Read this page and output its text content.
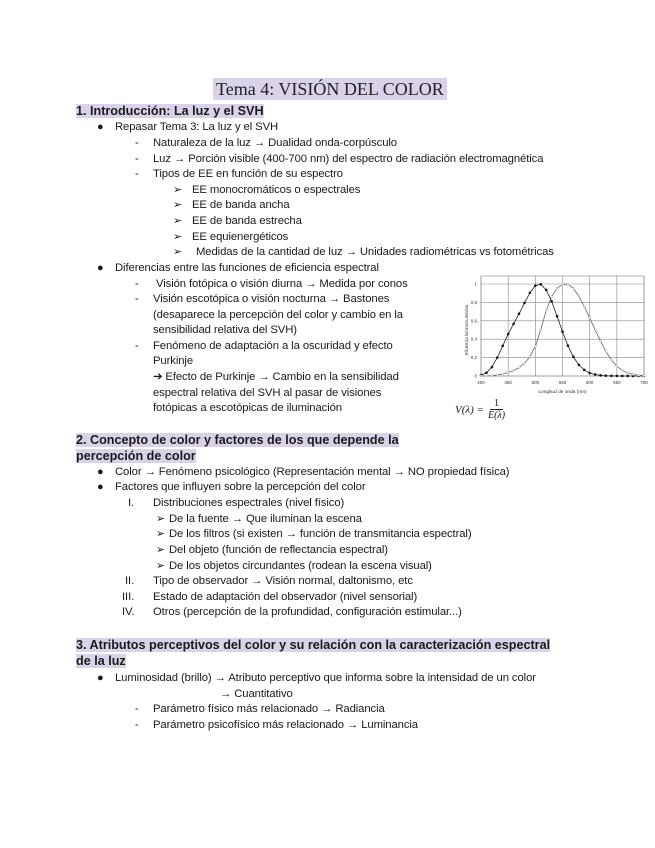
Tema 4: VISIÓN DEL COLOR
1. Introducción: La luz y el SVH
● Repasar Tema 3: La luz y el SVH
- Naturaleza de la luz → Dualidad onda-corpúsculo
- Luz → Porción visible (400-700 nm) del espectro de radiación electromagnética
- Tipos de EE en función de su espectro
➢ EE monocromáticos o espectrales
➢ EE de banda ancha
➢ EE de banda estrecha
➢ EE equienergéticos
➢ Medidas de la cantidad de luz → Unidades radiométricas vs fotométricas
● Diferencias entre las funciones de eficiencia espectral
- Visión fotópica o visión diurna → Medida por conos
- Visión escotópica o visión nocturna → Bastones
(desaparece la percepción del color y cambio en la
sensibilidad relativa del SVH)
- Fenómeno de adaptación a la oscuridad y efecto
Purkinje
➔ Efecto de Purkinje → Cambio en la sensibilidad
espectral relativa del SVH al pasar de visiones
fotópicas a escotópicas de iluminación
400	450	500	550	600	650	700
0
0,2
0,4
0,6
0,8
1
Longitud de onda (nm)
Eficiencia luminosa relativa
$V(\lambda) = \frac{1}{E(\lambda)}$
2. Concepto de color y factores de los que depende la
percepción de color
● Color → Fenómeno psicológico (Representación mental → NO propiedad física)
● Factores que influyen sobre la percepción del color
I. Distribuciones espectrales (nivel físico)
➢ De la fuente → Que iluminan la escena
➢ De los filtros (si existen → función de transmitancia espectral)
➢ Del objeto (función de reflectancia espectral)
➢ De los objetos circundantes (rodean la escena visual)
II. Tipo de observador → Visión normal, daltonismo, etc
III. Estado de adaptación del observador (nivel sensorial)
IV. Otros (percepción de la profundidad, configuración estimular...)
3. Atributos perceptivos del color y su relación con la caracterización espectral
de la luz
● Luminosidad (brillo) → Atributo perceptivo que informa sobre la intensidad de un color
→ Cuantitativo
- Parámetro físico más relacionado → Radiancia
- Parámetro psicofísico más relacionado → Luminancia
